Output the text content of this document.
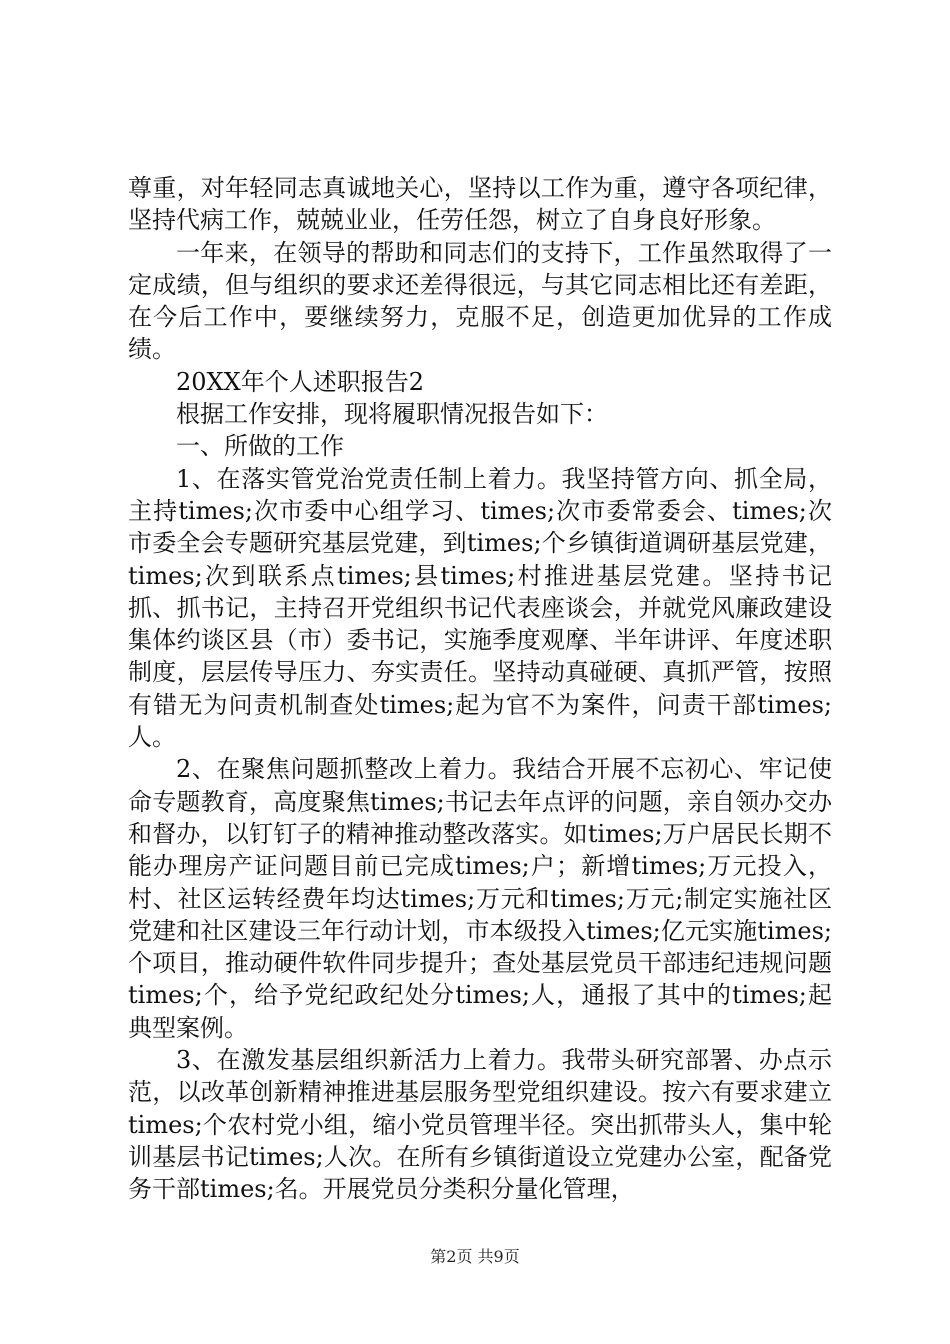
尊重，对年轻同志真诚地关心，坚持以工作为重，遵守各项纪律，坚持代病工作，兢兢业业，任劳任怨，树立了自身良好形象。

一年来，在领导的帮助和同志们的支持下，工作虽然取得了一定成绩，但与组织的要求还差得很远，与其它同志相比还有差距，在今后工作中，要继续努力，克服不足，创造更加优异的工作成绩。

20XX年个人述职报告2

根据工作安排，现将履职情况报告如下：

一、所做的工作

1、在落实管党治党责任制上着力。我坚持管方向、抓全局，主持times;次市委中心组学习、times;次市委常委会、times;次市委全会专题研究基层党建，到times;个乡镇街道调研基层党建，times;次到联系点times;县times;村推进基层党建。坚持书记抓、抓书记，主持召开党组织书记代表座谈会，并就党风廉政建设集体约谈区县（市）委书记，实施季度观摩、半年讲评、年度述职制度，层层传导压力、夯实责任。坚持动真碰硬、真抓严管，按照有错无为问责机制查处times;起为官不为案件，问责干部times;人。

2、在聚焦问题抓整改上着力。我结合开展不忘初心、牢记使命专题教育，高度聚焦times;书记去年点评的问题，亲自领办交办和督办，以钉钉子的精神推动整改落实。如times;万户居民长期不能办理房产证问题目前已完成times;户；新增times;万元投入，村、社区运转经费年均达times;万元和times;万元;制定实施社区党建和社区建设三年行动计划，市本级投入times;亿元实施times;个项目，推动硬件软件同步提升；查处基层党员干部违纪违规问题times;个，给予党纪政纪处分times;人，通报了其中的times;起典型案例。

3、在激发基层组织新活力上着力。我带头研究部署、办点示范，以改革创新精神推进基层服务型党组织建设。按六有要求建立times;个农村党小组，缩小党员管理半径。突出抓带头人，集中轮训基层书记times;人次。在所有乡镇街道设立党建办公室，配备党务干部times;名。开展党员分类积分量化管理，

第2页 共9页
